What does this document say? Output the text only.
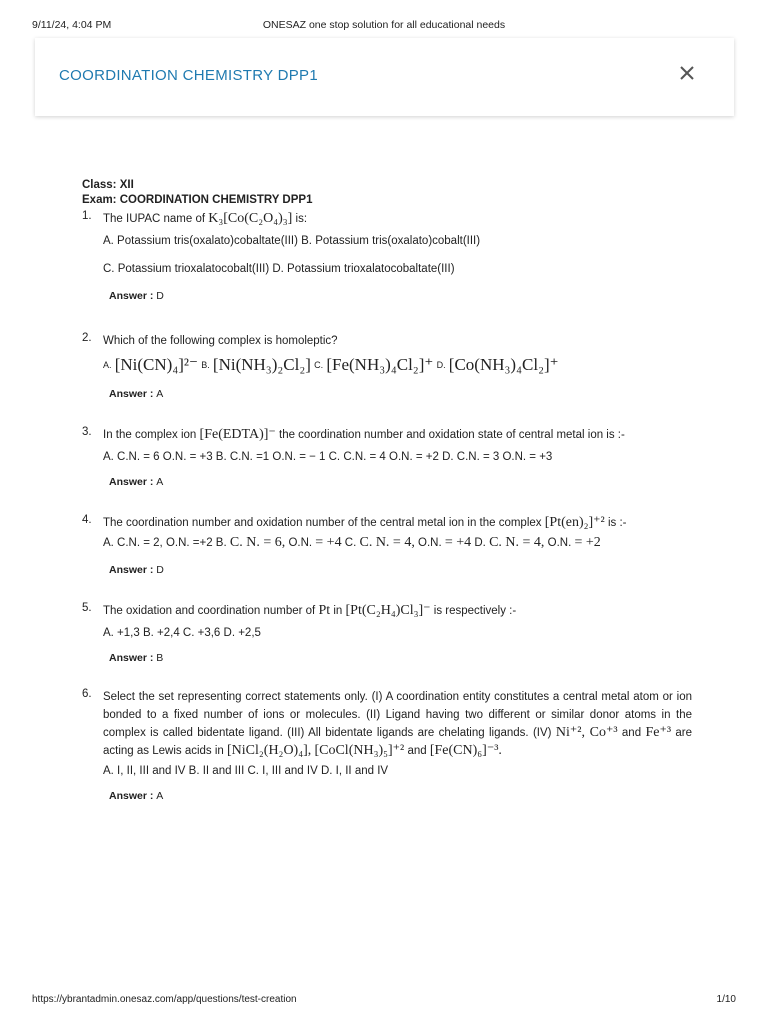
9/11/24, 4:04 PM	ONESAZ one stop solution for all educational needs
COORDINATION CHEMISTRY DPP1
Class: XII
Exam: COORDINATION CHEMISTRY DPP1
1. The IUPAC name of K₃[Co(C₂O₄)₃] is:
A. Potassium tris(oxalato)cobaltate(III) B. Potassium tris(oxalato)cobalt(III)
C. Potassium trioxalatocobalt(III) D. Potassium trioxalatocobaltate(III)
Answer : D
2. Which of the following complex is homoleptic?
$^{A.}$ [Ni(CN)₄]²⁻ $^{B.}$ [Ni(NH₃)₂Cl₂] $^{C.}$ [Fe(NH₃)₄Cl₂]⁺ $^{D.}$ [Co(NH₃)₄Cl₂]⁺
Answer : A
3. In the complex ion [Fe(EDTA)]⁻ the coordination number and oxidation state of central metal ion is :-
A. C.N. = 6 O.N. = +3 B. C.N. =1 O.N. = − 1 C. C.N. = 4 O.N. = +2 D. C.N. = 3 O.N. = +3
Answer : A
4. The coordination number and oxidation number of the central metal ion in the complex [Pt(en)₂]⁺² is :-
A. C.N. = 2, O.N. =+2 B. C. N. = 6, O.N. = +4 C. C. N. = 4, O.N. = +4 D. C. N. = 4, O.N. = +2
Answer : D
5. The oxidation and coordination number of Pt in [Pt(C₂H₄)Cl₃]⁻ is respectively :-
A. +1,3 B. +2,4 C. +3,6 D. +2,5
Answer : B
6. Select the set representing correct statements only. (I) A coordination entity constitutes a central metal atom or ion bonded to a fixed number of ions or molecules. (II) Ligand having two different or similar donor atoms in the complex is called bidentate ligand. (III) All bidentate ligands are chelating ligands. (IV) Ni⁺², Co⁺³ and Fe⁺³ are acting as Lewis acids in [NiCl₂(H₂O)₄], [CoCl(NH₃)₅]⁺² and [Fe(CN)₆]⁻³.
A. I, II, III and IV B. II and III C. I, III and IV D. I, II and IV
Answer : A
https://ybrantadmin.onesaz.com/app/questions/test-creation	1/10
